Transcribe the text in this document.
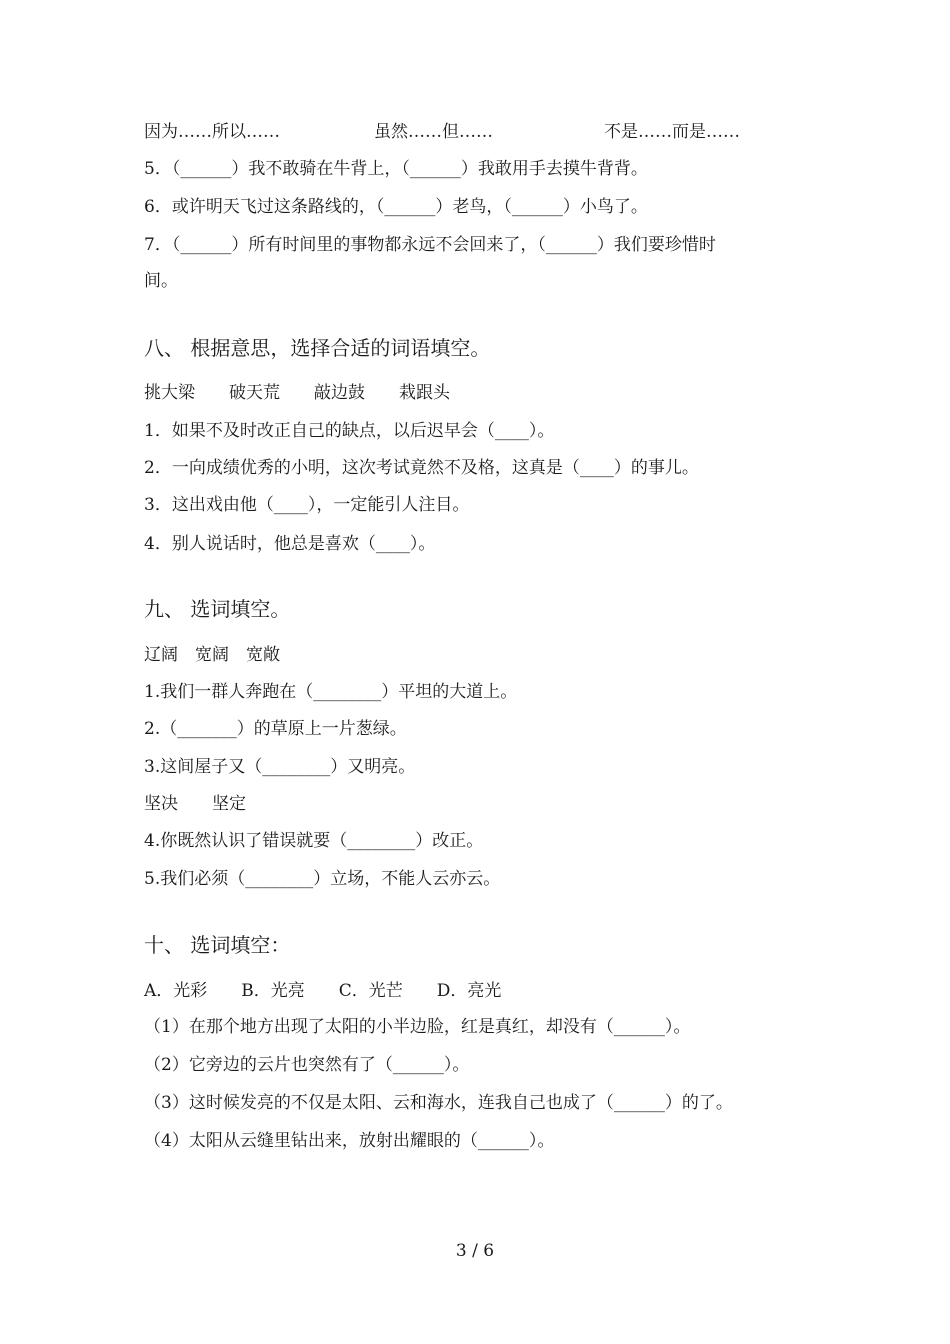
因为……所以……	虽然……但……	不是……而是……
5．（______）我不敢骑在牛背上，（______）我敢用手去摸牛背背。
6．或许明天飞过这条路线的，（______）老鸟，（______）小鸟了。
7．（______）所有时间里的事物都永远不会回来了，（______）我们要珍惜时
间。
八、 根据意思，选择合适的词语填空。
挑大梁　　破天荒　　敲边鼓　　栽跟头
1．如果不及时改正自己的缺点，以后迟早会（____）。
2．一向成绩优秀的小明，这次考试竟然不及格，这真是（____）的事儿。
3．这出戏由他（____），一定能引人注目。
4．别人说话时，他总是喜欢（____）。
九、 选词填空。
辽阔　宽阔　宽敞
1.我们一群人奔跑在（________）平坦的大道上。
2.（_______）的草原上一片葱绿。
3.这间屋子又（________）又明亮。
坚决　　坚定
4.你既然认识了错误就要（________）改正。
5.我们必须（________）立场，不能人云亦云。
十、 选词填空：
A．光彩　　B．光亮　　C．光芒　　D．亮光
（1）在那个地方出现了太阳的小半边脸，红是真红，却没有（______）。
（2）它旁边的云片也突然有了（______）。
（3）这时候发亮的不仅是太阳、云和海水，连我自己也成了（______）的了。
（4）太阳从云缝里钻出来，放射出耀眼的（______）。
3 / 6
